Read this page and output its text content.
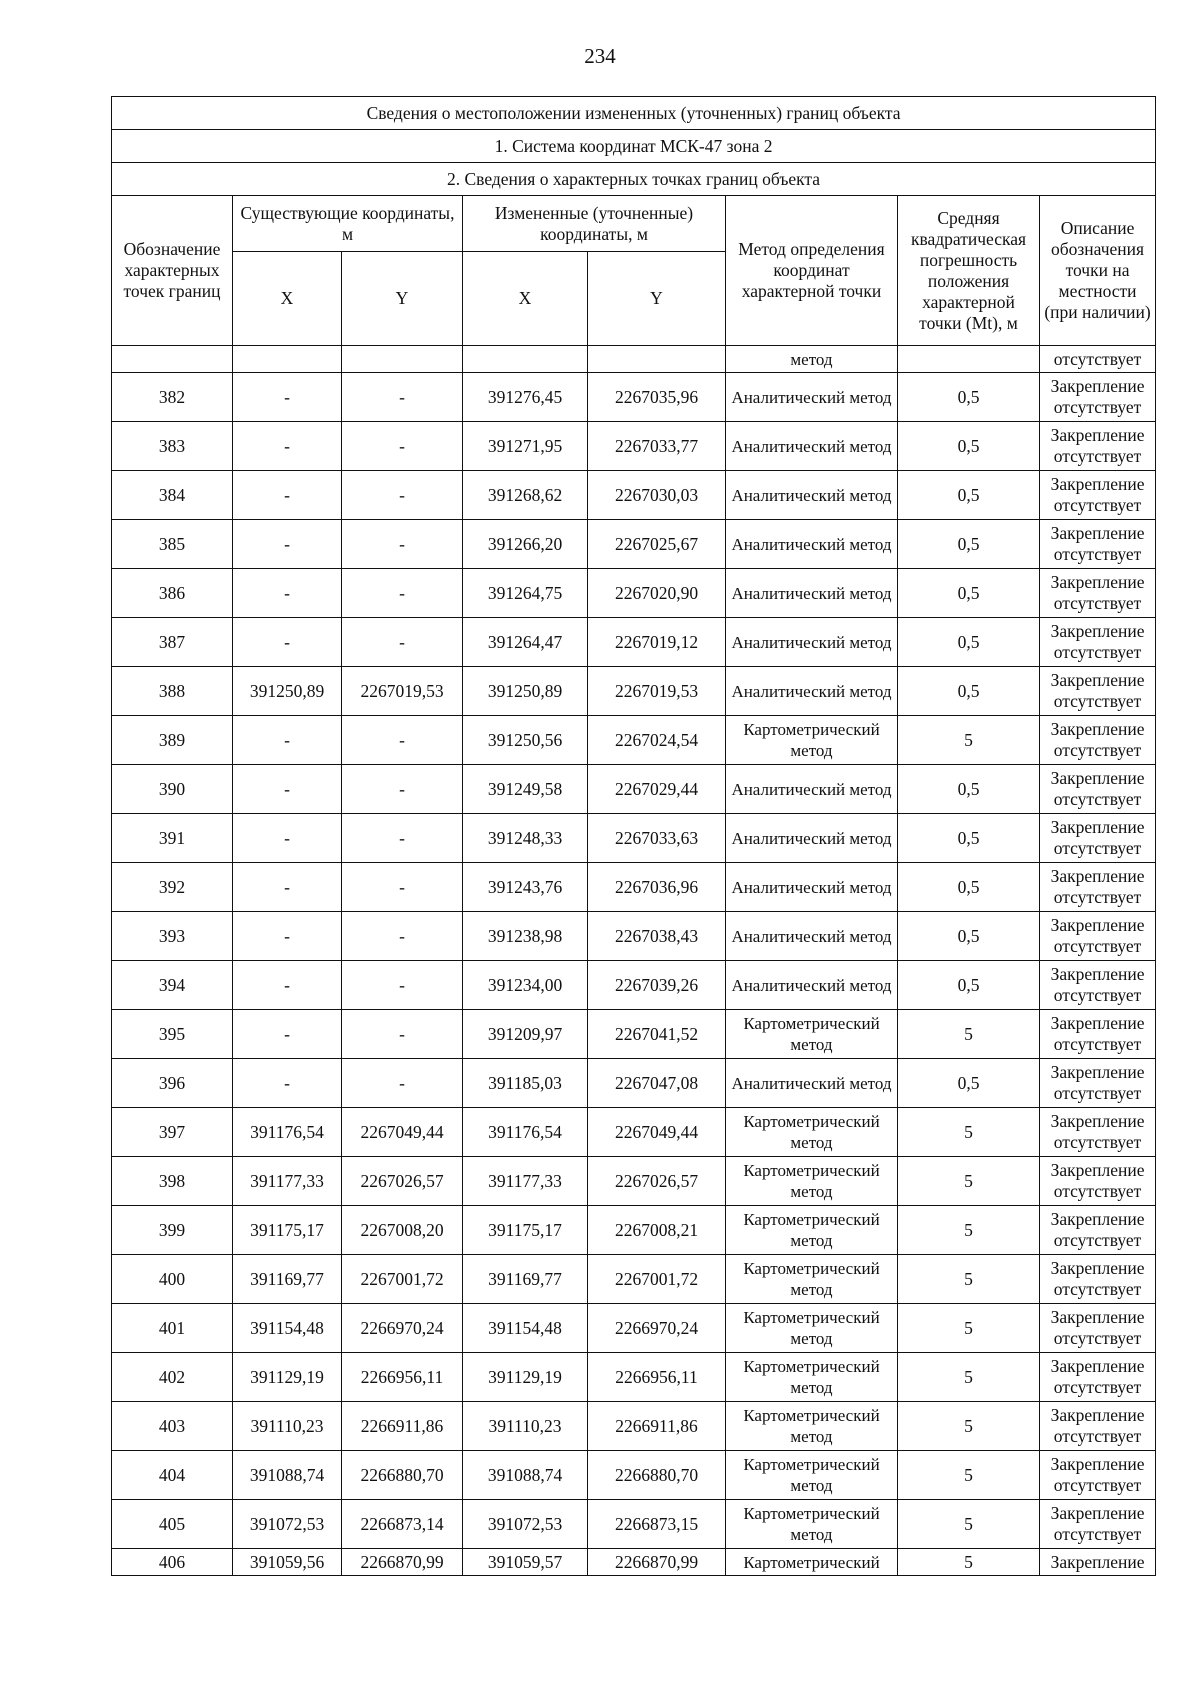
234
Сведения о местоположении измененных (уточненных) границ объекта							
1. Система координат МСК-47 зона 2							
2. Сведения о характерных точках границ объекта							
Обозначение характерных точек границ	Существующие координаты, м		Измененные (уточненные) координаты, м		Метод определения координат характерной точки	Средняя квадратическая погрешность положения характерной точки (Mt), м	Описание обозначения точки на местности (при наличии)
	X	Y	X	Y			
					метод		отсутствует
382	-	-	391276,45	2267035,96	Аналитический метод	0,5	Закрепление отсутствует
383	-	-	391271,95	2267033,77	Аналитический метод	0,5	Закрепление отсутствует
384	-	-	391268,62	2267030,03	Аналитический метод	0,5	Закрепление отсутствует
385	-	-	391266,20	2267025,67	Аналитический метод	0,5	Закрепление отсутствует
386	-	-	391264,75	2267020,90	Аналитический метод	0,5	Закрепление отсутствует
387	-	-	391264,47	2267019,12	Аналитический метод	0,5	Закрепление отсутствует
388	391250,89	2267019,53	391250,89	2267019,53	Аналитический метод	0,5	Закрепление отсутствует
389	-	-	391250,56	2267024,54	Картометрический метод	5	Закрепление отсутствует
390	-	-	391249,58	2267029,44	Аналитический метод	0,5	Закрепление отсутствует
391	-	-	391248,33	2267033,63	Аналитический метод	0,5	Закрепление отсутствует
392	-	-	391243,76	2267036,96	Аналитический метод	0,5	Закрепление отсутствует
393	-	-	391238,98	2267038,43	Аналитический метод	0,5	Закрепление отсутствует
394	-	-	391234,00	2267039,26	Аналитический метод	0,5	Закрепление отсутствует
395	-	-	391209,97	2267041,52	Картометрический метод	5	Закрепление отсутствует
396	-	-	391185,03	2267047,08	Аналитический метод	0,5	Закрепление отсутствует
397	391176,54	2267049,44	391176,54	2267049,44	Картометрический метод	5	Закрепление отсутствует
398	391177,33	2267026,57	391177,33	2267026,57	Картометрический метод	5	Закрепление отсутствует
399	391175,17	2267008,20	391175,17	2267008,21	Картометрический метод	5	Закрепление отсутствует
400	391169,77	2267001,72	391169,77	2267001,72	Картометрический метод	5	Закрепление отсутствует
401	391154,48	2266970,24	391154,48	2266970,24	Картометрический метод	5	Закрепление отсутствует
402	391129,19	2266956,11	391129,19	2266956,11	Картометрический метод	5	Закрепление отсутствует
403	391110,23	2266911,86	391110,23	2266911,86	Картометрический метод	5	Закрепление отсутствует
404	391088,74	2266880,70	391088,74	2266880,70	Картометрический метод	5	Закрепление отсутствует
405	391072,53	2266873,14	391072,53	2266873,15	Картометрический метод	5	Закрепление отсутствует
406	391059,56	2266870,99	391059,57	2266870,99	Картометрический	5	Закрепление
